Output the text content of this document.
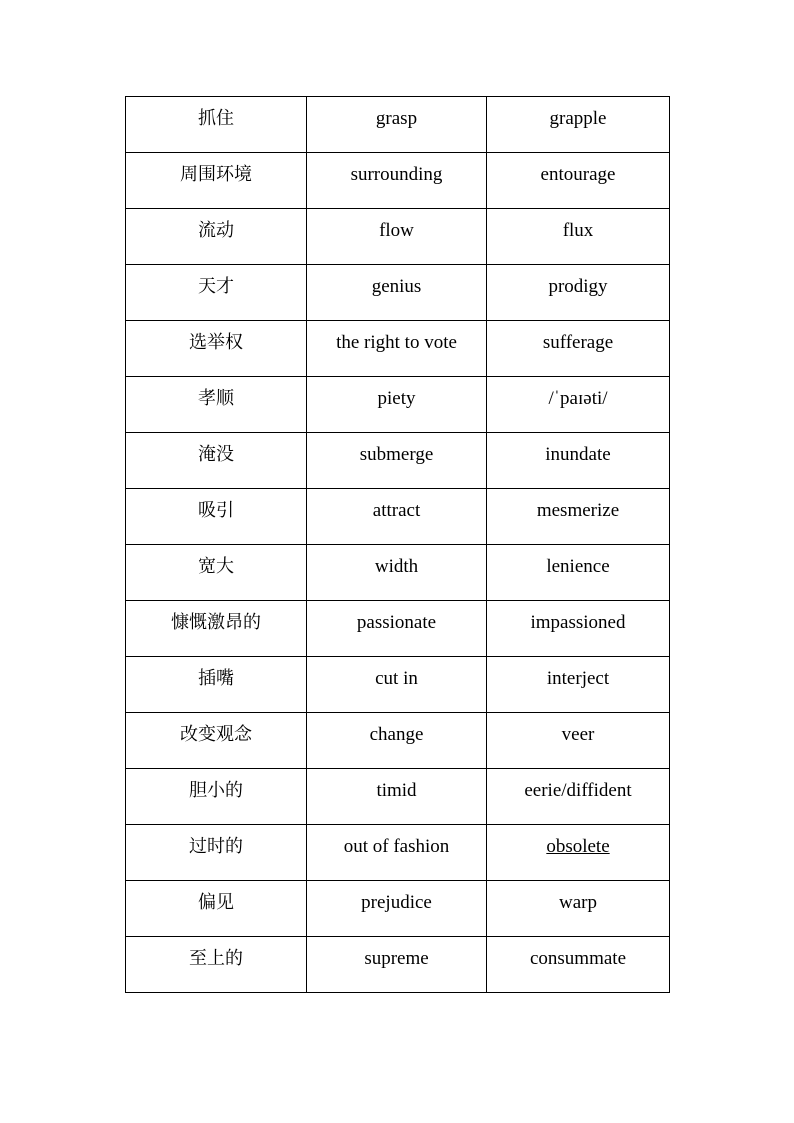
抓住	grasp	grapple

周围环境	surrounding	entourage

流动	flow	flux

天才	genius	prodigy

选举权	the right to vote	sufferage

孝顺	piety	/ˈpaɪəti/

淹没	submerge	inundate

吸引	attract	mesmerize

宽大	width	lenience

慷慨激昂的	passionate	impassioned

插嘴	cut in	interject

改变观念	change	veer

胆小的	timid	eerie/diffident

过时的	out of fashion	obsolete

偏见	prejudice	warp

至上的	supreme	consummate
